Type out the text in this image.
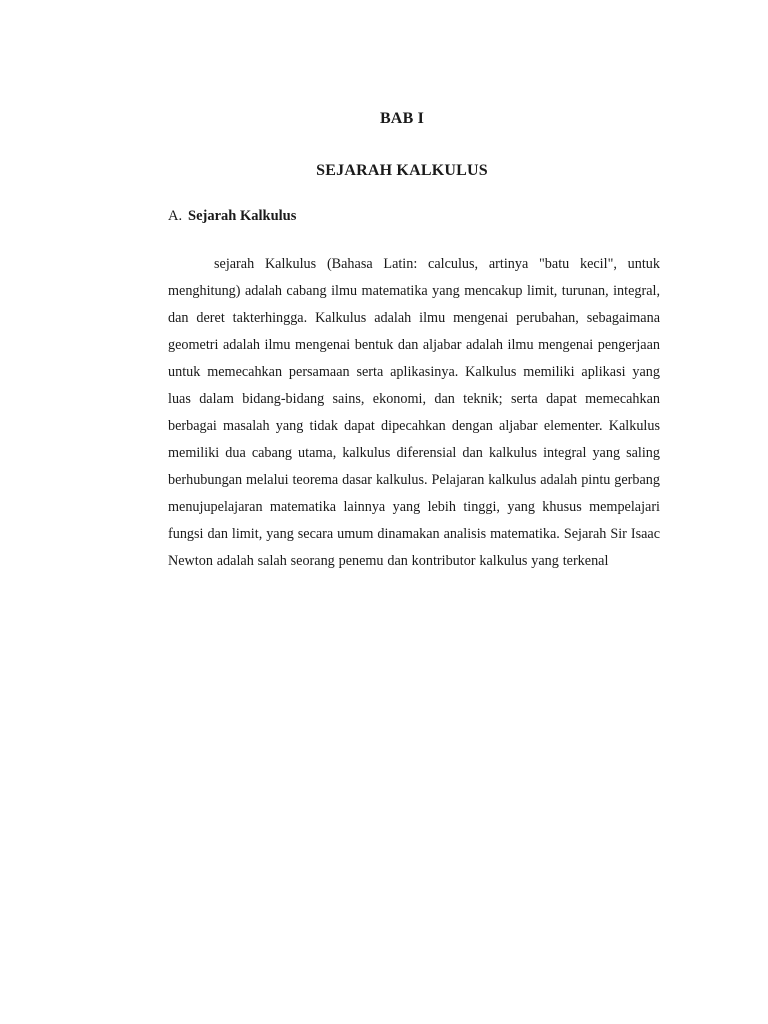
BAB I
SEJARAH KALKULUS
A. Sejarah Kalkulus

sejarah Kalkulus (Bahasa Latin: calculus, artinya "batu kecil", untuk menghitung) adalah cabang ilmu matematika yang mencakup limit, turunan, integral, dan deret takterhingga. Kalkulus adalah ilmu mengenai perubahan, sebagaimana geometri adalah ilmu mengenai bentuk dan aljabar adalah ilmu mengenai pengerjaan untuk memecahkan persamaan serta aplikasinya. Kalkulus memiliki aplikasi yang luas dalam bidang-bidang sains, ekonomi, dan teknik; serta dapat memecahkan berbagai masalah yang tidak dapat dipecahkan dengan aljabar elementer. Kalkulus memiliki dua cabang utama, kalkulus diferensial dan kalkulus integral yang saling berhubungan melalui teorema dasar kalkulus. Pelajaran kalkulus adalah pintu gerbang menujupelajaran matematika lainnya yang lebih tinggi, yang khusus mempelajari fungsi dan limit, yang secara umum dinamakan analisis matematika. Sejarah Sir Isaac Newton adalah salah seorang penemu dan kontributor kalkulus yang terkenal
